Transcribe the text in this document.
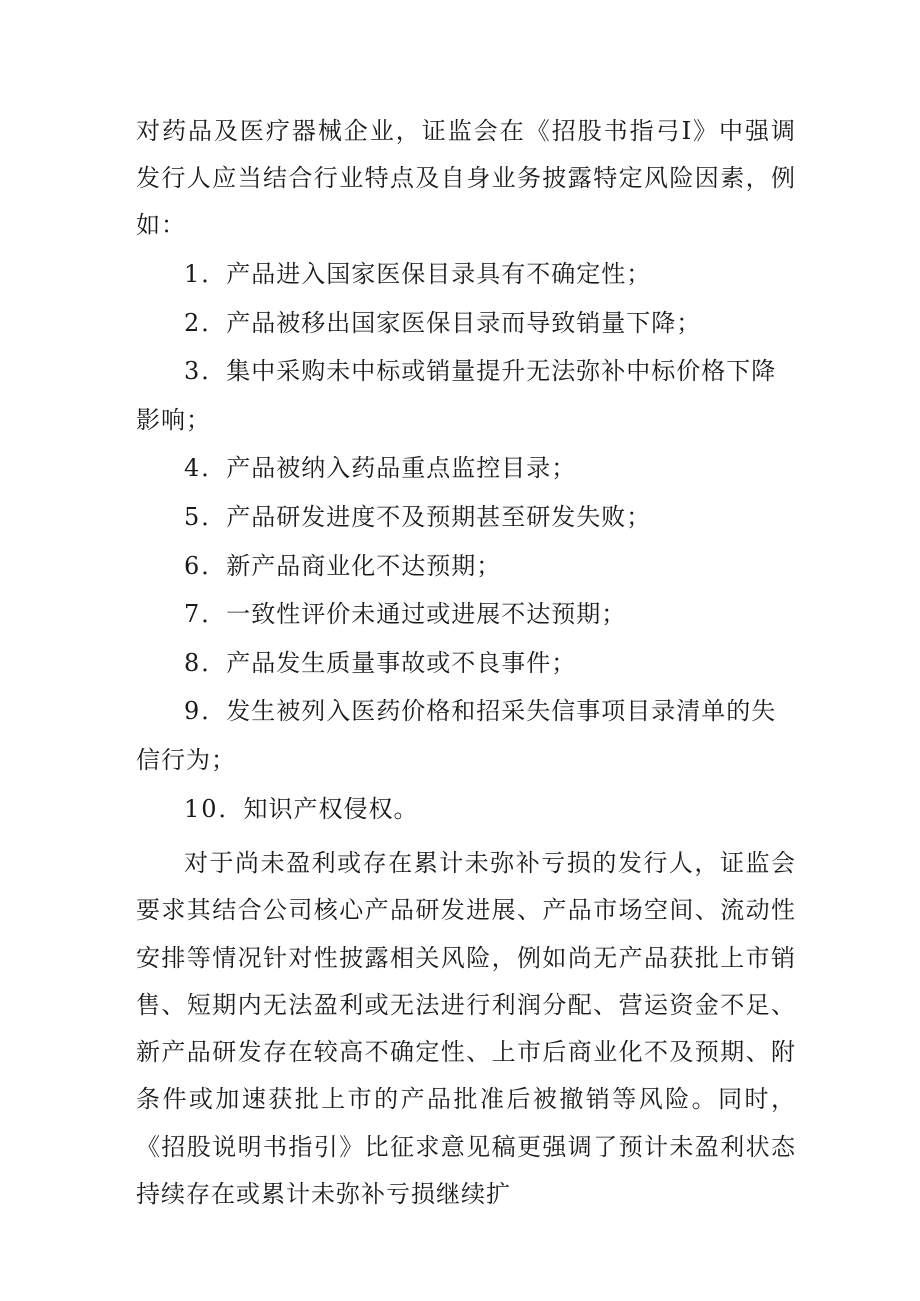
对药品及医疗器械企业，证监会在《招股书指弓I》中强调发行人应当结合行业特点及自身业务披露特定风险因素，例如：

1．产品进入国家医保目录具有不确定性；
2．产品被移出国家医保目录而导致销量下降；
3．集中采购未中标或销量提升无法弥补中标价格下降影响；
4．产品被纳入药品重点监控目录；
5．产品研发进度不及预期甚至研发失败；
6．新产品商业化不达预期；
7．一致性评价未通过或进展不达预期；
8．产品发生质量事故或不良事件；
9．发生被列入医药价格和招采失信事项目录清单的失信行为；
10．知识产权侵权。

对于尚未盈利或存在累计未弥补亏损的发行人，证监会要求其结合公司核心产品研发进展、产品市场空间、流动性安排等情况针对性披露相关风险，例如尚无产品获批上市销售、短期内无法盈利或无法进行利润分配、营运资金不足、新产品研发存在较高不确定性、上市后商业化不及预期、附条件或加速获批上市的产品批准后被撤销等风险。同时，《招股说明书指引》比征求意见稿更强调了预计未盈利状态持续存在或累计未弥补亏损继续扩
